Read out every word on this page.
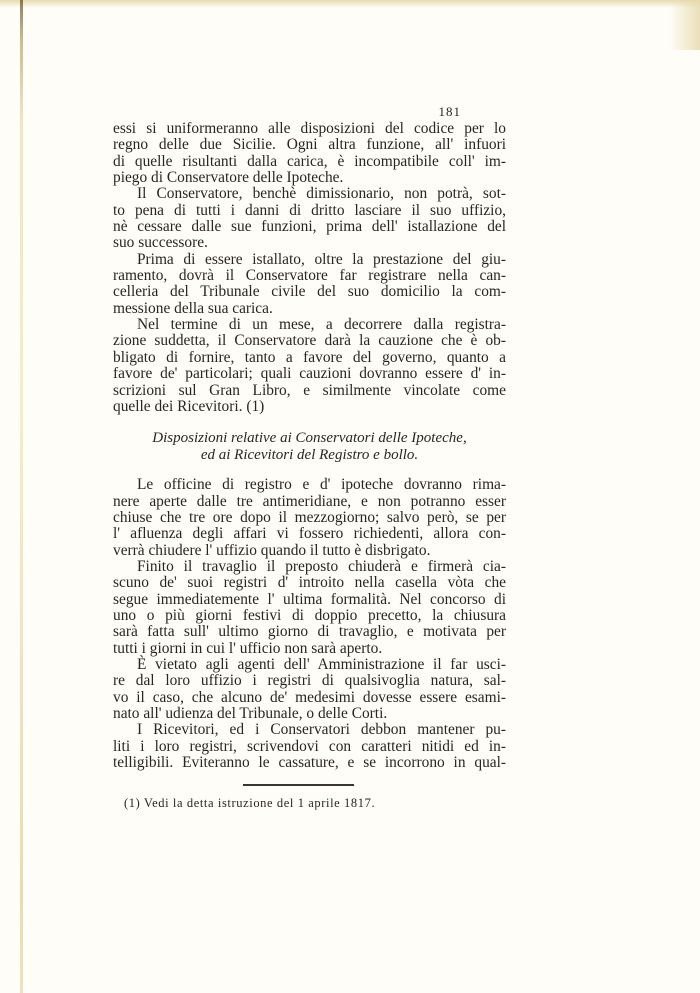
181
essi si uniformeranno alle disposizioni del codice per lo
regno delle due Sicilie. Ogni altra funzione, all' infuori
di quelle risultanti dalla carica, è incompatibile coll' im-
piego di Conservatore delle Ipoteche.
Il Conservatore, benchè dimissionario, non potrà, sot-
to pena di tutti i danni di dritto lasciare il suo uffizio,
nè cessare dalle sue funzioni, prima dell' istallazione del
suo successore.
Prima di essere istallato, oltre la prestazione del giu-
ramento, dovrà il Conservatore far registrare nella can-
celleria del Tribunale civile del suo domicilio la com-
messione della sua carica.
Nel termine di un mese, a decorrere dalla registra-
zione suddetta, il Conservatore darà la cauzione che è ob-
bligato di fornire, tanto a favore del governo, quanto a
favore de' particolari; quali cauzioni dovranno essere d' in-
scrizioni sul Gran Libro, e similmente vincolate come
quelle dei Ricevitori. (1)
Disposizioni relative ai Conservatori delle Ipoteche,
ed ai Ricevitori del Registro e bollo.
Le officine di registro e d' ipoteche dovranno rima-
nere aperte dalle tre antimeridiane, e non potranno esser
chiuse che tre ore dopo il mezzogiorno; salvo però, se per
l' afluenza degli affari vi fossero richiedenti, allora con-
verrà chiudere l' uffizio quando il tutto è disbrigato.
Finito il travaglio il preposto chiuderà e firmerà cia-
scuno de' suoi registri d' introito nella casella vòta che
segue immediatemente l' ultima formalità. Nel concorso di
uno o più giorni festivi di doppio precetto, la chiusura
sarà fatta sull' ultimo giorno di travaglio, e motivata per
tutti i giorni in cui l' ufficio non sarà aperto.
È vietato agli agenti dell' Amministrazione il far usci-
re dal loro uffizio i registri di qualsivoglia natura, sal-
vo il caso, che alcuno de' medesimi dovesse essere esami-
nato all' udienza del Tribunale, o delle Corti.
I Ricevitori, ed i Conservatori debbon mantener pu-
liti i loro registri, scrivendovi con caratteri nitidi ed in-
telligibili. Eviteranno le cassature, e se incorrono in qual-
(1) Vedi la detta istruzione del 1 aprile 1817.
